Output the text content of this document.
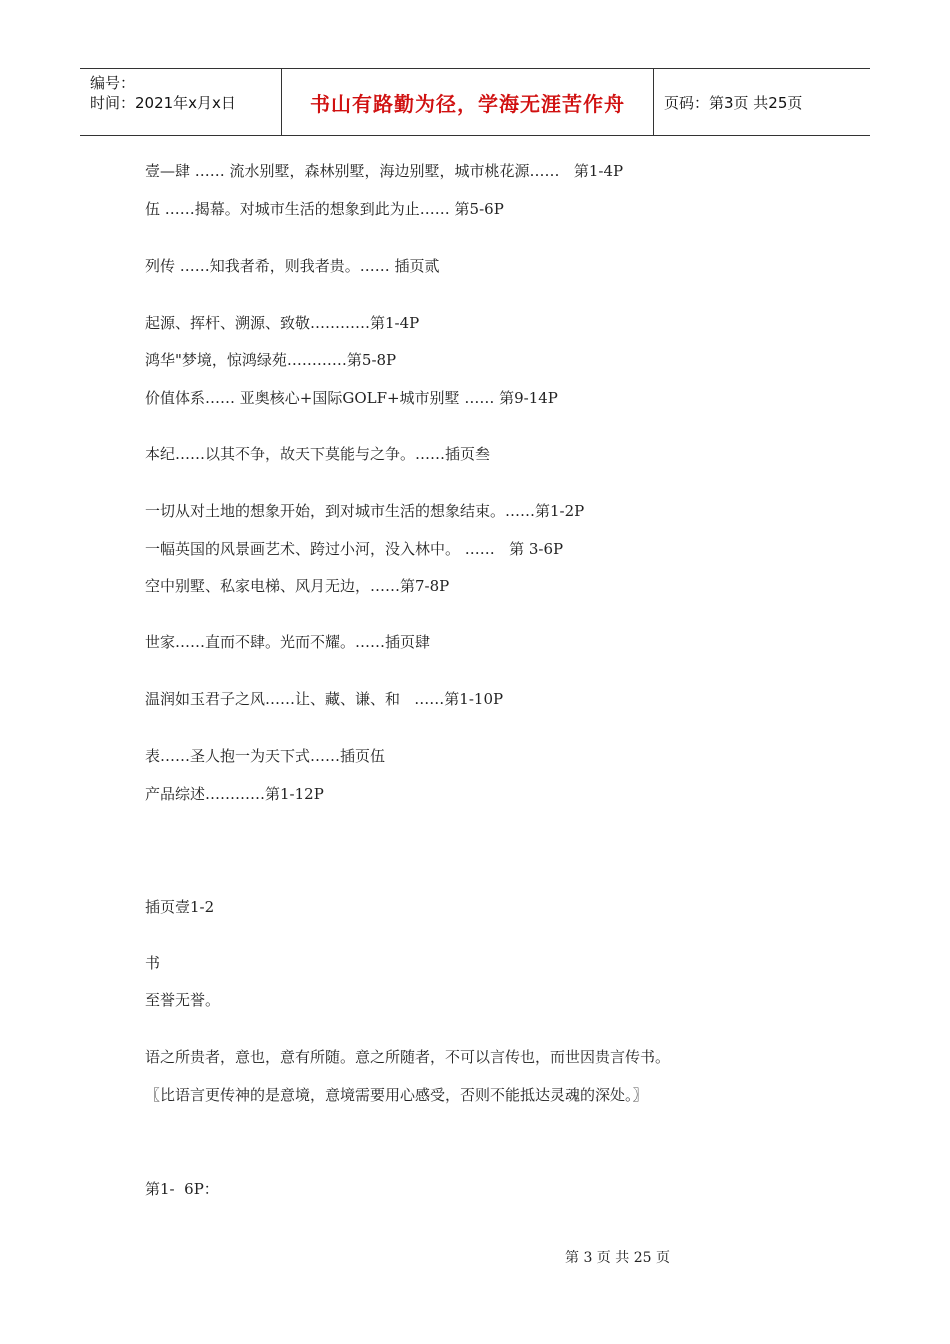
编号：
时间：2021年x月x日	书山有路勤为径，学海无涯苦作舟	页码：第3页 共25页
壹—肆 …… 流水别墅，森林别墅，海边别墅，城市桃花源……   第1-4P
伍 ……揭幕。对城市生活的想象到此为止…… 第5-6P
列传 ……知我者希，则我者贵。…… 插页贰
起源、挥杆、溯源、致敬…………第1-4P
鸿华"梦境，惊鸿绿苑…………第5-8P
价值体系…… 亚奥核心+国际GOLF+城市别墅 …… 第9-14P
本纪……以其不争，故天下莫能与之争。……插页叁
一切从对土地的想象开始，到对城市生活的想象结束。……第1-2P
一幅英国的风景画艺术、跨过小河，没入林中。 ……   第 3-6P
空中别墅、私家电梯、风月无边，……第7-8P
世家……直而不肆。光而不耀。……插页肆
温润如玉君子之风……让、藏、谦、和   ……第1-10P
表……圣人抱一为天下式……插页伍
产品综述…………第1-12P
插页壹1-2
书
至誉无誉。
语之所贵者，意也，意有所随。意之所随者，不可以言传也，而世因贵言传书。
〖比语言更传神的是意境，意境需要用心感受，否则不能抵达灵魂的深处。〗
第1-  6P：
第 3 页 共 25 页
